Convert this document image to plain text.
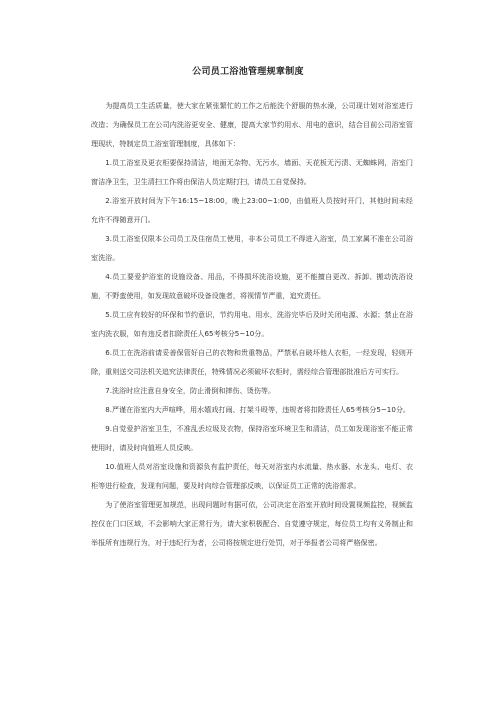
公司员工浴池管理规章制度

为提高员工生活质量，使大家在紧张繁忙的工作之后能洗个舒服的热水澡，公司现计划对浴室进行改造；为确保员工在公司内洗浴更安全、健康，提高大家节约用水、用电的意识，结合目前公司浴室管理现状，特制定员工浴室管理制度，具体如下：

1.员工浴室及更衣柜要保持清洁，地面无杂物、无污水，墙面、天花板无污渍、无蜘蛛网，浴室门窗洁净卫生，卫生清扫工作将由保洁人员定期打扫，请员工自觉保持。

2.浴室开放时间为下午16:15~18:00，晚上23:00~1:00，由值班人员按时开门，其他时间未经允许不得随意开门。

3.员工浴室仅限本公司员工及住宿员工使用，非本公司员工不得进入浴室，员工家属不准在公司浴室洗浴。

4.员工要爱护浴室的设施设备、用品，不得损坏洗浴设施，更不能擅自更改、拆卸、搬动洗浴设施，不野蛮使用，如发现故意破坏设备设施者，将视情节严重，追究责任。

5.员工应有较好的环保和节约意识，节约用电、用水，洗浴完毕后及时关闭电源、水源；禁止在浴室内洗衣服，如有违反者扣除责任人65考核分5~10分。

6.员工在洗浴前请妥善保管好自己的衣物和贵重物品，严禁私自破坏他人衣柜，一经发现，轻则开除，重则送交司法机关追究法律责任，特殊情况必须破坏衣柜时，需经综合管理部批准后方可实行。

7.洗浴时应注意自身安全，防止滑倒和摔伤、烫伤等。

8.严谨在浴室内大声喧哗，用水嬉戏打闹、打架斗殴等，违规者将扣除责任人65考核分5~10分。

9.自觉爱护浴室卫生，不准乱丢垃圾及衣物，保持浴室环境卫生和清洁，员工如发现浴室不能正常使用时，请及时向值班人员反映。

10.值班人员对浴室设施和资源负有监护责任，每天对浴室内水流量、热水器、水龙头、电灯、衣柜等进行检查，发现有问题，要及时向综合管理部反映，以保证员工正常的洗浴需求。

为了使浴室管理更加规范，出现问题时有据可依，公司决定在浴室开放时间设置视频监控，视频监控仅在门口区域，不会影响大家正常行为，请大家积极配合、自觉遵守规定，每位员工均有义务制止和举报所有违规行为，对于违纪行为者，公司将按规定进行处罚，对于举报者公司将严格保密。
